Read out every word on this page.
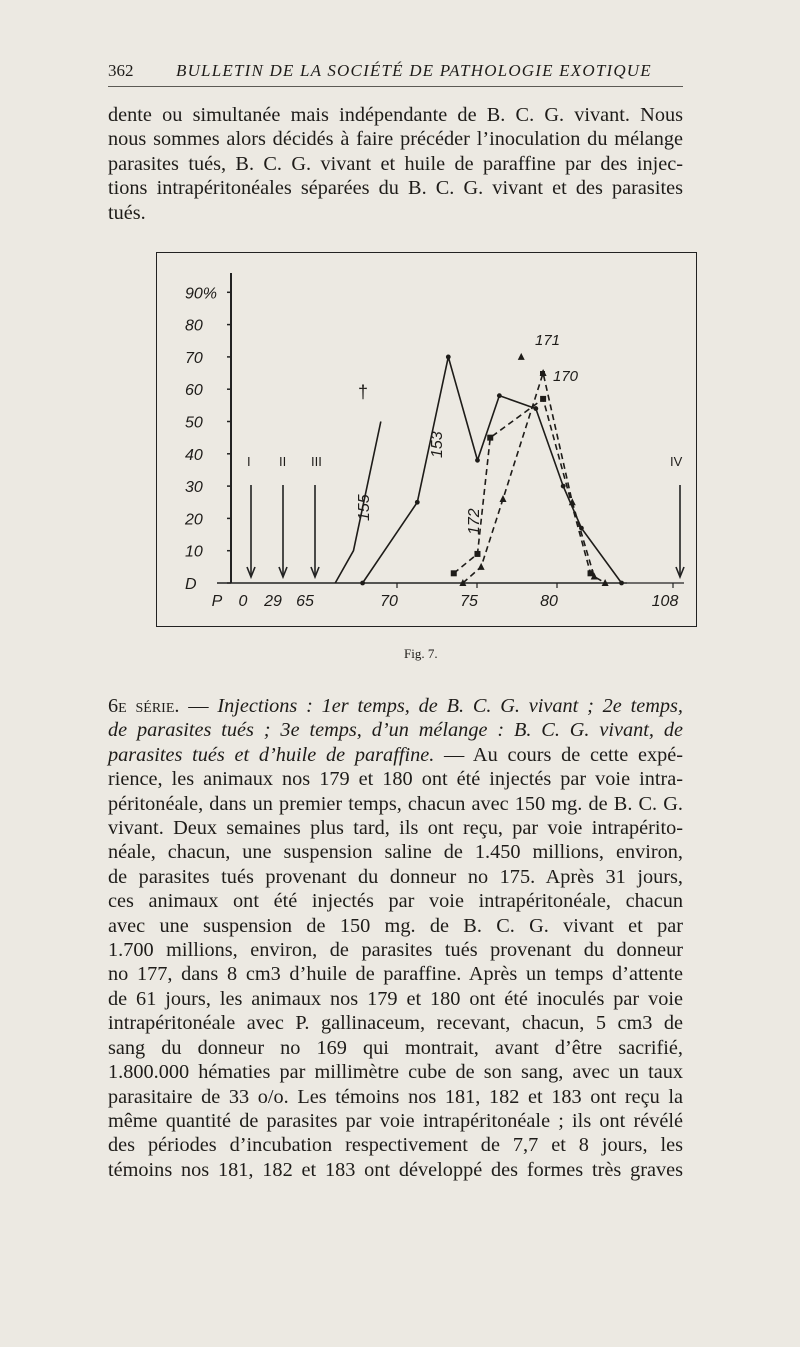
362	BULLETIN DE LA SOCIÉTÉ DE PATHOLOGIE EXOTIQUE

dente ou simultanée mais indépendante de B. C. G. vivant. Nous
nous sommes alors décidés à faire précéder l’inoculation du mélange
parasites tués, B. C. G. vivant et huile de paraffine par des injec-
tions intrapéritonéales séparées du B. C. G. vivant et des parasites
tués.

90%
80
70
60
50
40
30
20
10
D
P 0 29 65	70	75	80	108
I II III	IV
155
153
172
171
170
†
Fig. 7.
6e série. — Injections : 1er temps, de B. C. G. vivant ; 2e temps,
de parasites tués ; 3e temps, d’un mélange : B. C. G. vivant, de
parasites tués et d’huile de paraffine. — Au cours de cette expé-
rience, les animaux nos 179 et 180 ont été injectés par voie intra-
péritonéale, dans un premier temps, chacun avec 150 mg. de B. C. G.
vivant. Deux semaines plus tard, ils ont reçu, par voie intrapérito-
néale, chacun, une suspension saline de 1.450 millions, environ,
de parasites tués provenant du donneur no 175. Après 31 jours,
ces animaux ont été injectés par voie intrapéritonéale, chacun
avec une suspension de 150 mg. de B. C. G. vivant et par
1.700 millions, environ, de parasites tués provenant du donneur
no 177, dans 8 cm3 d’huile de paraffine. Après un temps d’attente
de 61 jours, les animaux nos 179 et 180 ont été inoculés par voie
intrapéritonéale avec P. gallinaceum, recevant, chacun, 5 cm3 de
sang du donneur no 169 qui montrait, avant d’être sacrifié,
1.800.000 hématies par millimètre cube de son sang, avec un taux
parasitaire de 33 o/o. Les témoins nos 181, 182 et 183 ont reçu la
même quantité de parasites par voie intrapéritonéale ; ils ont révélé
des périodes d’incubation respectivement de 7,7 et 8 jours, les
témoins nos 181, 182 et 183 ont développé des formes très graves
